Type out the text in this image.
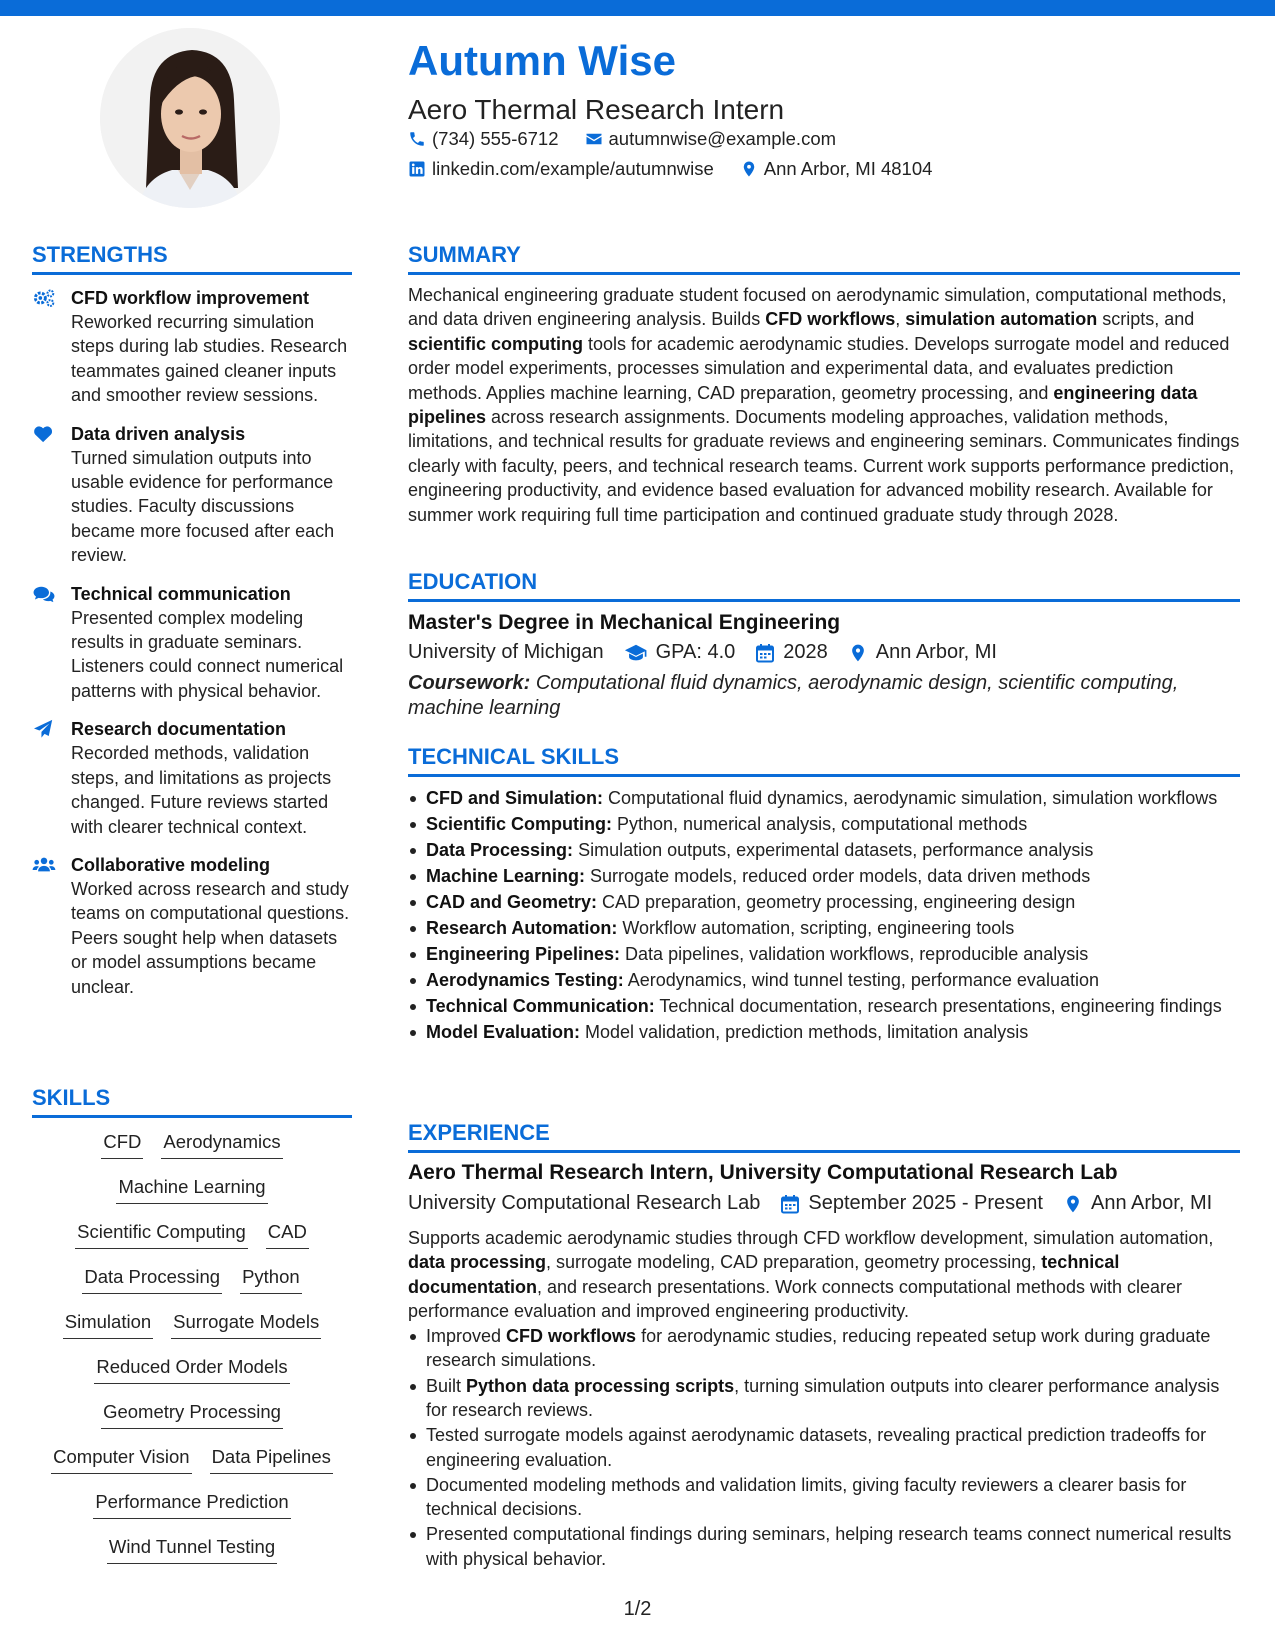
Autumn Wise
Aero Thermal Research Intern
(734) 555-6712	autumnwise@example.com
linkedin.com/example/autumnwise	Ann Arbor, MI 48104
STRENGTHS
CFD workflow improvement
Reworked recurring simulation steps during lab studies. Research teammates gained cleaner inputs and smoother review sessions.
Data driven analysis
Turned simulation outputs into usable evidence for performance studies. Faculty discussions became more focused after each review.
Technical communication
Presented complex modeling results in graduate seminars. Listeners could connect numerical patterns with physical behavior.
Research documentation
Recorded methods, validation steps, and limitations as projects changed. Future reviews started with clearer technical context.
Collaborative modeling
Worked across research and study teams on computational questions. Peers sought help when datasets or model assumptions became unclear.
SKILLS
CFD Aerodynamics
Machine Learning
Scientific Computing CAD
Data Processing Python
Simulation Surrogate Models
Reduced Order Models
Geometry Processing
Computer Vision Data Pipelines
Performance Prediction
Wind Tunnel Testing
SUMMARY
Mechanical engineering graduate student focused on aerodynamic simulation, computational methods, and data driven engineering analysis. Builds CFD workflows, simulation automation scripts, and scientific computing tools for academic aerodynamic studies. Develops surrogate model and reduced order model experiments, processes simulation and experimental data, and evaluates prediction methods. Applies machine learning, CAD preparation, geometry processing, and engineering data pipelines across research assignments. Documents modeling approaches, validation methods, limitations, and technical results for graduate reviews and engineering seminars. Communicates findings clearly with faculty, peers, and technical research teams. Current work supports performance prediction, engineering productivity, and evidence based evaluation for advanced mobility research. Available for summer work requiring full time participation and continued graduate study through 2028.
EDUCATION
Master's Degree in Mechanical Engineering
University of Michigan	GPA: 4.0 2028 Ann Arbor, MI
Coursework: Computational fluid dynamics, aerodynamic design, scientific computing, machine learning
TECHNICAL SKILLS
CFD and Simulation: Computational fluid dynamics, aerodynamic simulation, simulation workflows
Scientific Computing: Python, numerical analysis, computational methods
Data Processing: Simulation outputs, experimental datasets, performance analysis
Machine Learning: Surrogate models, reduced order models, data driven methods
CAD and Geometry: CAD preparation, geometry processing, engineering design
Research Automation: Workflow automation, scripting, engineering tools
Engineering Pipelines: Data pipelines, validation workflows, reproducible analysis
Aerodynamics Testing: Aerodynamics, wind tunnel testing, performance evaluation
Technical Communication: Technical documentation, research presentations, engineering findings
Model Evaluation: Model validation, prediction methods, limitation analysis
EXPERIENCE
Aero Thermal Research Intern, University Computational Research Lab
University Computational Research Lab September 2025 - Present Ann Arbor, MI
Supports academic aerodynamic studies through CFD workflow development, simulation automation, data processing, surrogate modeling, CAD preparation, geometry processing, technical documentation, and research presentations. Work connects computational methods with clearer performance evaluation and improved engineering productivity.
Improved CFD workflows for aerodynamic studies, reducing repeated setup work during graduate research simulations.
Built Python data processing scripts, turning simulation outputs into clearer performance analysis for research reviews.
Tested surrogate models against aerodynamic datasets, revealing practical prediction tradeoffs for engineering evaluation.
Documented modeling methods and validation limits, giving faculty reviewers a clearer basis for technical decisions.
Presented computational findings during seminars, helping research teams connect numerical results with physical behavior.
1/2
